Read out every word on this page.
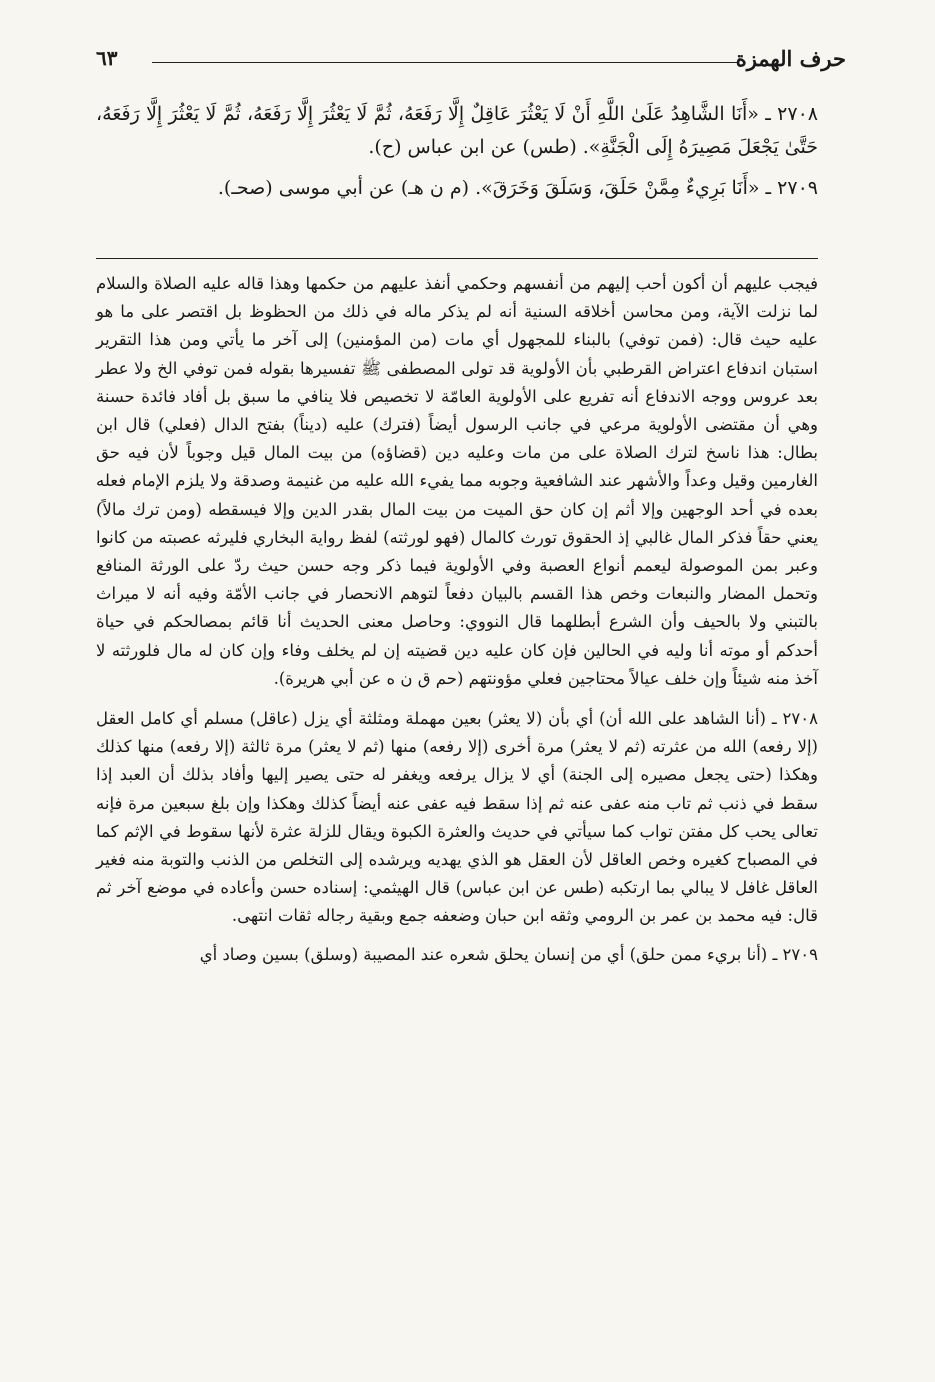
حرف الهمزة
٦٣

٢٧٠٨ ـ «أَنَا الشَّاهِدُ عَلَىٰ اللَّهِ أَنْ لَا يَعْثُرَ عَاقِلٌ إِلَّا رَفَعَهُ، ثُمَّ لَا يَعْثُرَ إِلَّا رَفَعَهُ، ثُمَّ لَا يَعْثُرَ إِلَّا رَفَعَهُ، حَتَّىٰ يَجْعَلَ مَصِيرَهُ إِلَى الْجَنَّةِ». (طس) عن ابن عباس (ح).

٢٧٠٩ ـ «أَنَا بَرِيءٌ مِمَّنْ حَلَقَ، وَسَلَقَ وَخَرَقَ». (م ن هـ) عن أبي موسى (صحـ).

فيجب عليهم أن أكون أحب إليهم من أنفسهم وحكمي أنفذ عليهم من حكمها وهذا قاله عليه الصلاة والسلام لما نزلت الآية، ومن محاسن أخلاقه السنية أنه لم يذكر ماله في ذلك من الحظوظ بل اقتصر على ما هو عليه حيث قال: (فمن توفي) بالبناء للمجهول أي مات (من المؤمنين) إلى آخر ما يأتي ومن هذا التقرير استبان اندفاع اعتراض القرطبي بأن الأولوية قد تولى المصطفى ﷺ تفسيرها بقوله فمن توفي الخ ولا عطر بعد عروس ووجه الاندفاع أنه تفريع على الأولوية العامّة لا تخصيص فلا ينافي ما سبق بل أفاد فائدة حسنة وهي أن مقتضى الأولوية مرعي في جانب الرسول أيضاً (فترك) عليه (ديناً) بفتح الدال (فعلي) قال ابن بطال: هذا ناسخ لترك الصلاة على من مات وعليه دين (قضاؤه) من بيت المال قيل وجوباً لأن فيه حق الغارمين وقيل وعداً والأشهر عند الشافعية وجوبه مما يفيء الله عليه من غنيمة وصدقة ولا يلزم الإمام فعله بعده في أحد الوجهين وإلا أثم إن كان حق الميت من بيت المال بقدر الدين وإلا فيسقطه (ومن ترك مالاً) يعني حقاً فذكر المال غالبي إذ الحقوق تورث كالمال (فهو لورثته) لفظ رواية البخاري فليرثه عصبته من كانوا وعبر بمن الموصولة ليعمم أنواع العصبة وفي الأولوية فيما ذكر وجه حسن حيث ردّ على الورثة المنافع وتحمل المضار والنبعات وخص هذا القسم بالبيان دفعاً لتوهم الانحصار في جانب الأمّة وفيه أنه لا ميراث بالتبني ولا بالحيف وأن الشرع أبطلهما قال النووي: وحاصل معنى الحديث أنا قائم بمصالحكم في حياة أحدكم أو موته أنا وليه في الحالين فإن كان عليه دين قضيته إن لم يخلف وفاء وإن كان له مال فلورثته لا آخذ منه شيئاً وإن خلف عيالاً محتاجين فعلي مؤونتهم (حم ق ن ه عن أبي هريرة).

٢٧٠٨ ـ (أنا الشاهد على الله أن) أي بأن (لا يعثر) بعين مهملة ومثلثة أي يزل (عاقل) مسلم أي كامل العقل (إلا رفعه) الله من عثرته (ثم لا يعثر) مرة أخرى (إلا رفعه) منها (ثم لا يعثر) مرة ثالثة (إلا رفعه) منها كذلك وهكذا (حتى يجعل مصيره إلى الجنة) أي لا يزال يرفعه ويغفر له حتى يصير إليها وأفاد بذلك أن العبد إذا سقط في ذنب ثم تاب منه عفى عنه ثم إذا سقط فيه عفى عنه أيضاً كذلك وهكذا وإن بلغ سبعين مرة فإنه تعالى يحب كل مفتن تواب كما سيأتي في حديث والعثرة الكبوة ويقال للزلة عثرة لأنها سقوط في الإثم كما في المصباح كغيره وخص العاقل لأن العقل هو الذي يهديه ويرشده إلى التخلص من الذنب والتوبة منه فغير العاقل غافل لا يبالي بما ارتكبه (طس عن ابن عباس) قال الهيثمي: إسناده حسن وأعاده في موضع آخر ثم قال: فيه محمد بن عمر بن الرومي وثقه ابن حبان وضعفه جمع وبقية رجاله ثقات انتهى.

٢٧٠٩ ـ (أنا بريء ممن حلق) أي من إنسان يحلق شعره عند المصيبة (وسلق) بسين وصاد أي
